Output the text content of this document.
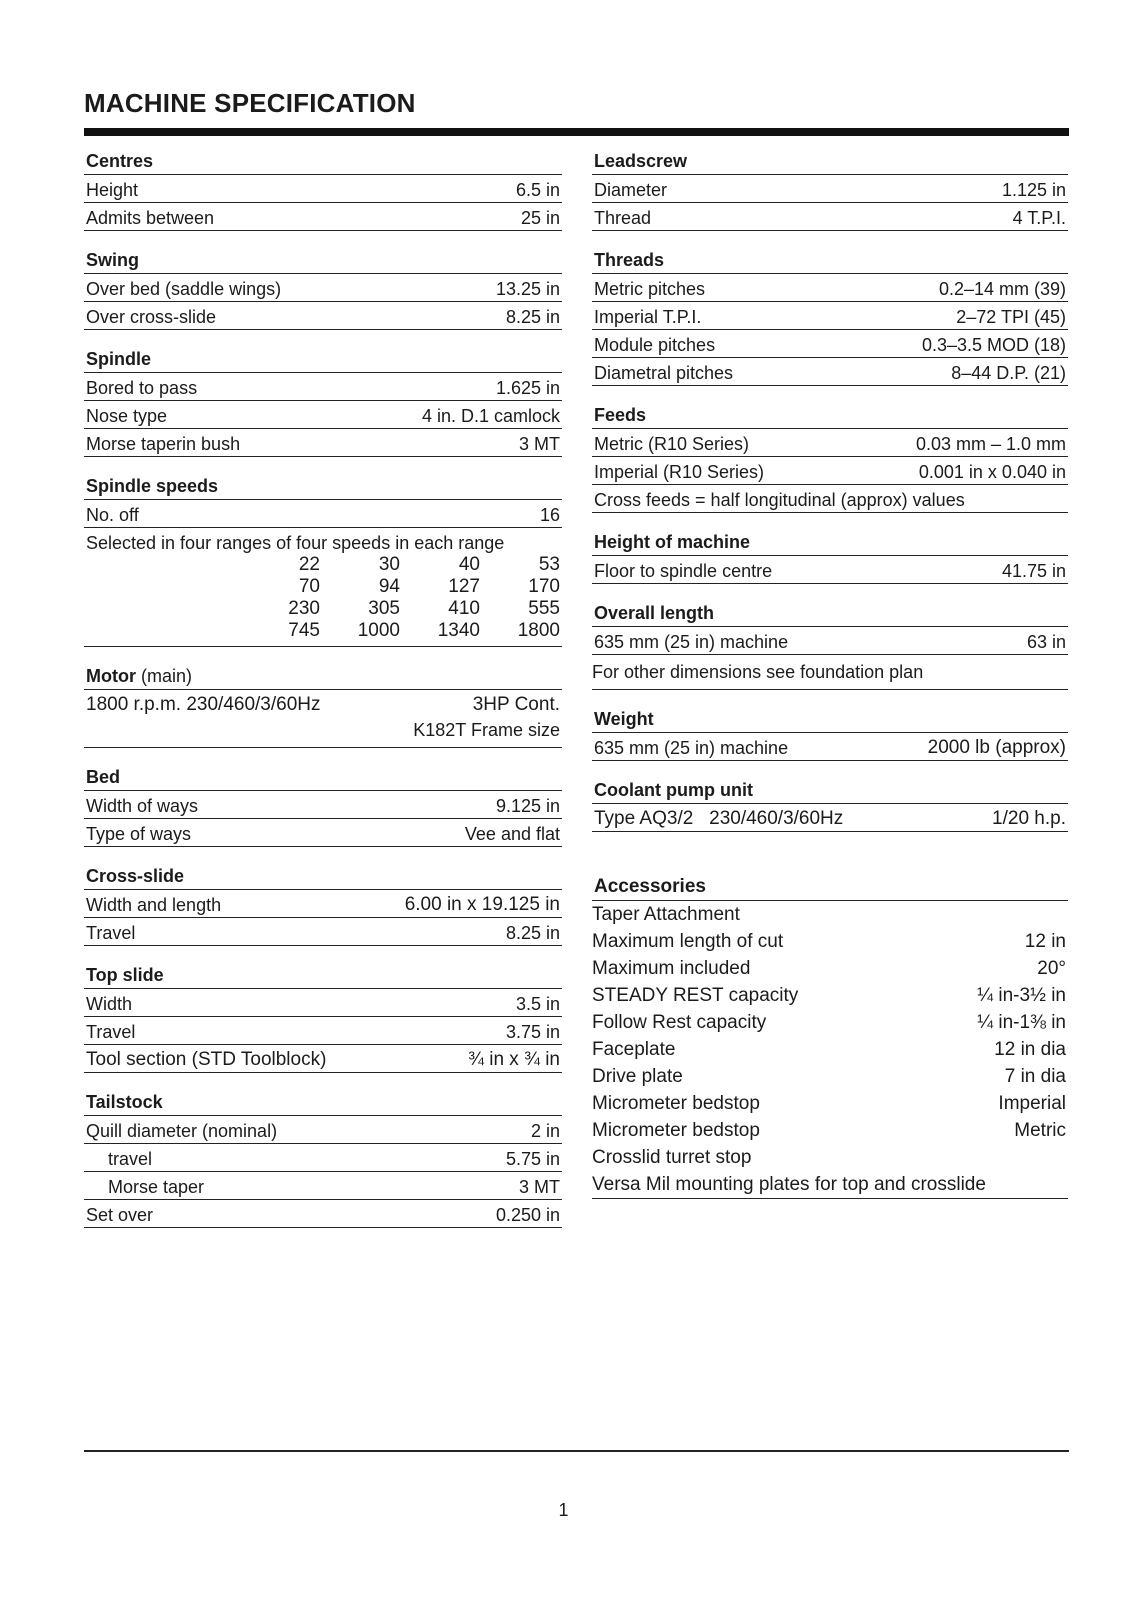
MACHINE SPECIFICATION
Centres
Height	6.5 in
Admits between	25 in
Swing
Over bed (saddle wings)	13.25 in
Over cross-slide	8.25 in
Spindle
Bored to pass	1.625 in
Nose type	4 in. D.1 camlock
Morse taperin bush	3 MT
Spindle speeds
No. off	16
Selected in four ranges of four speeds in each range
22	30	40	53
70	94	127	170
230	305	410	555
745	1000	1340	1800
Motor (main)
1800 r.p.m. 230/460/3/60Hz	3HP Cont.
K182T Frame size
Bed
Width of ways	9.125 in
Type of ways	Vee and flat
Cross-slide
Width and length	6.00 in x 19.125 in
Travel	8.25 in
Top slide
Width	3.5 in
Travel	3.75 in
Tool section (STD Toolblock)	¾ in x ¾ in
Tailstock
Quill diameter (nominal)	2 in
travel	5.75 in
Morse taper	3 MT
Set over	0.250 in
Leadscrew
Diameter	1.125 in
Thread	4 T.P.I.
Threads
Metric pitches	0.2–14 mm (39)
Imperial T.P.I.	2–72 TPI (45)
Module pitches	0.3–3.5 MOD (18)
Diametral pitches	8–44 D.P. (21)
Feeds
Metric (R10 Series)	0.03 mm – 1.0 mm
Imperial (R10 Series)	0.001 in x 0.040 in
Cross feeds = half longitudinal (approx) values
Height of machine
Floor to spindle centre	41.75 in
Overall length
635 mm (25 in) machine	63 in
For other dimensions see foundation plan
Weight
635 mm (25 in) machine	2000 lb (approx)
Coolant pump unit
Type AQ3/2   230/460/3/60Hz	1/20 h.p.
Accessories
Taper Attachment
Maximum length of cut	12 in
Maximum included	20°
STEADY REST capacity	¼ in-3½ in
Follow Rest capacity	¼ in-1⅜ in
Faceplate	12 in dia
Drive plate	7 in dia
Micrometer bedstop	Imperial
Micrometer bedstop	Metric
Crosslid turret stop
Versa Mil mounting plates for top and crosslide
1
